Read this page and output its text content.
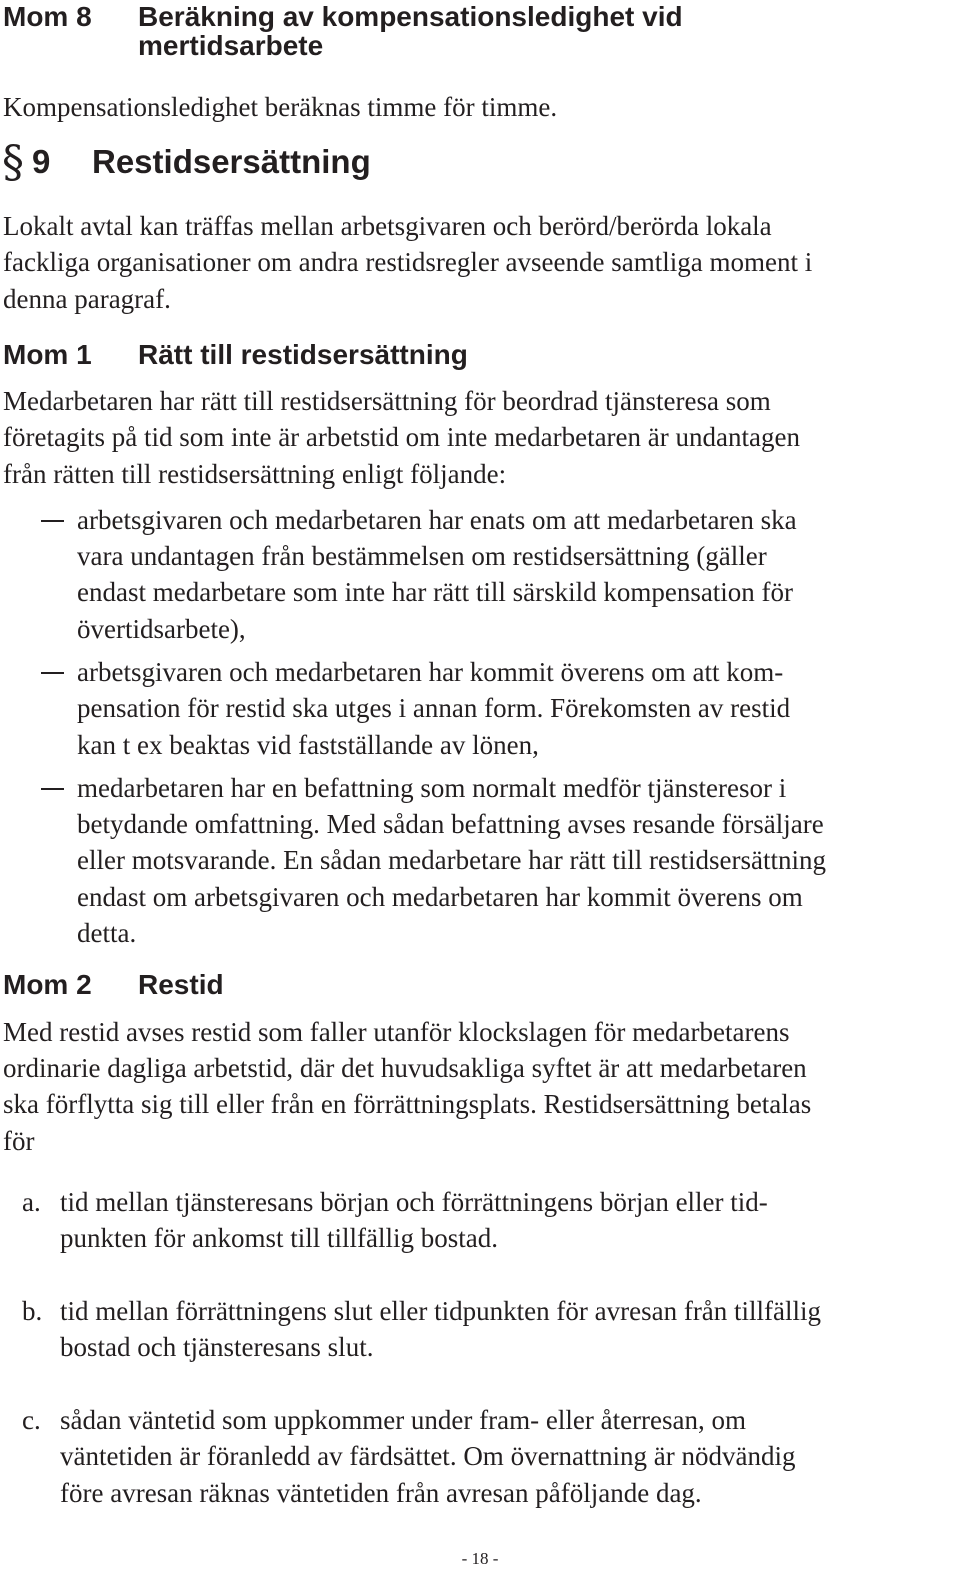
Mom 8 Beräkning av kompensationsledighet vid
mertidsarbete
Kompensationsledighet beräknas timme för timme.
§ 9 Restidsersättning
Lokalt avtal kan träffas mellan arbetsgivaren och berörd/berörda lokala
fackliga organisationer om andra restidsregler avseende samtliga moment i
denna paragraf.
Mom 1 Rätt till restidsersättning
Medarbetaren har rätt till restidsersättning för beordrad tjänsteresa som
företagits på tid som inte är arbetstid om inte medarbetaren är undantagen
från rätten till restidsersättning enligt följande:
arbetsgivaren och medarbetaren har enats om att medarbetaren ska
vara undantagen från bestämmelsen om restidsersättning (gäller
endast medarbetare som inte har rätt till särskild kompensation för
övertidsarbete),
arbetsgivaren och medarbetaren har kommit överens om att kom-
pensation för restid ska utges i annan form. Förekomsten av restid
kan t ex beaktas vid fastställande av lönen,
medarbetaren har en befattning som normalt medför tjänsteresor i
betydande omfattning. Med sådan befattning avses resande försäljare
eller motsvarande. En sådan medarbetare har rätt till restidsersättning
endast om arbetsgivaren och medarbetaren har kommit överens om
detta.
Mom 2 Restid
Med restid avses restid som faller utanför klockslagen för medarbetarens
ordinarie dagliga arbetstid, där det huvudsakliga syftet är att medarbetaren
ska förflytta sig till eller från en förrättningsplats. Restidsersättning betalas
för
a. tid mellan tjänsteresans början och förrättningens början eller tid-
punkten för ankomst till tillfällig bostad.
b. tid mellan förrättningens slut eller tidpunkten för avresan från tillfällig
bostad och tjänsteresans slut.
c. sådan väntetid som uppkommer under fram- eller återresan, om
väntetiden är föranledd av färdsättet. Om övernattning är nödvändig
före avresan räknas väntetiden från avresan påföljande dag.
- 18 -
